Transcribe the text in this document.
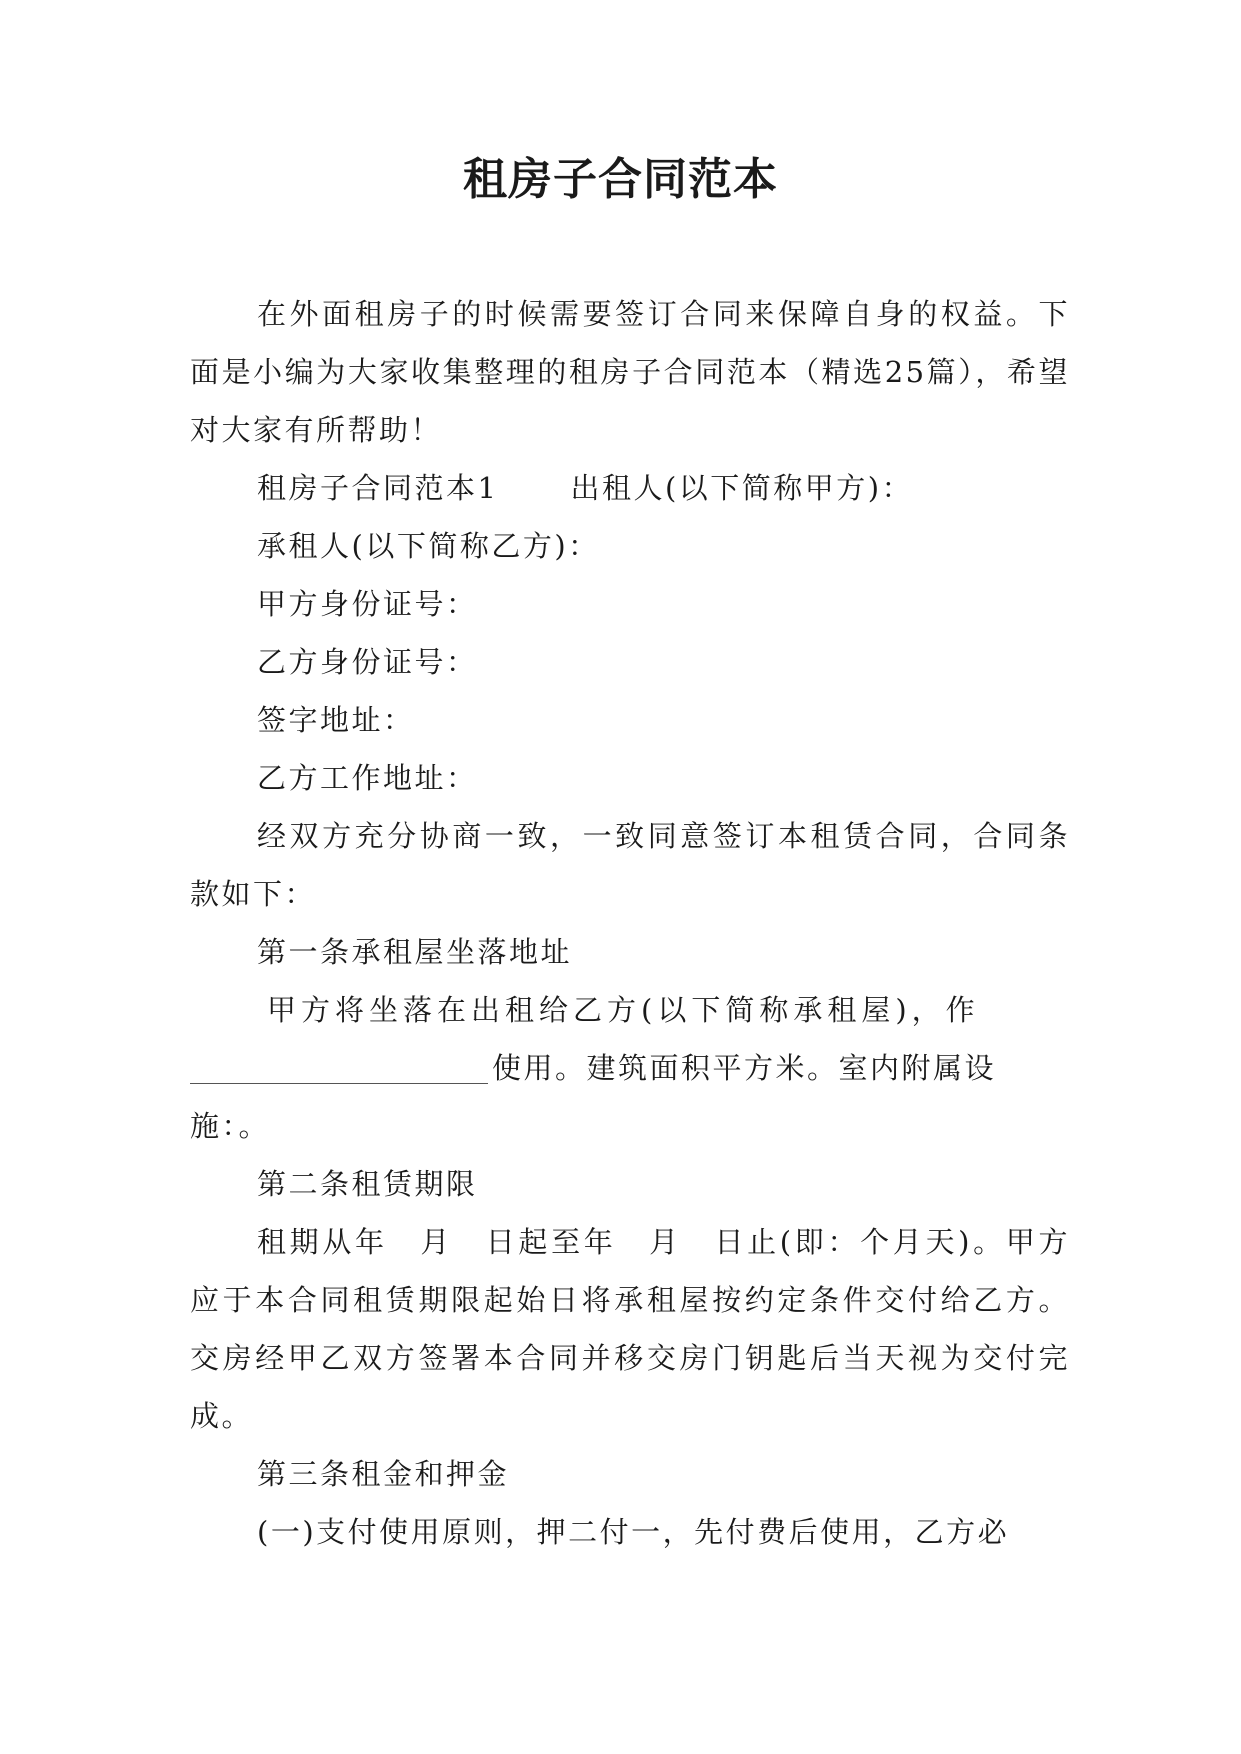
租房子合同范本

在外面租房子的时候需要签订合同来保障自身的权益。下面是小编为大家收集整理的租房子合同范本（精选25篇），希望对大家有所帮助！

租房子合同范本1 出租人(以下简称甲方)：

承租人(以下简称乙方)：

甲方身份证号：

乙方身份证号：

签字地址：

乙方工作地址：

经双方充分协商一致，一致同意签订本租赁合同，合同条款如下：

第一条承租屋坐落地址

甲方将坐落在出租给乙方(以下简称承租屋)，作

使用。建筑面积平方米。室内附属设施：。

第二条租赁期限

租期从年　月　日起至年　月　日止(即：个月天)。甲方应于本合同租赁期限起始日将承租屋按约定条件交付给乙方。交房经甲乙双方签署本合同并移交房门钥匙后当天视为交付完成。

第三条租金和押金

(一)支付使用原则，押二付一，先付费后使用，乙方必
